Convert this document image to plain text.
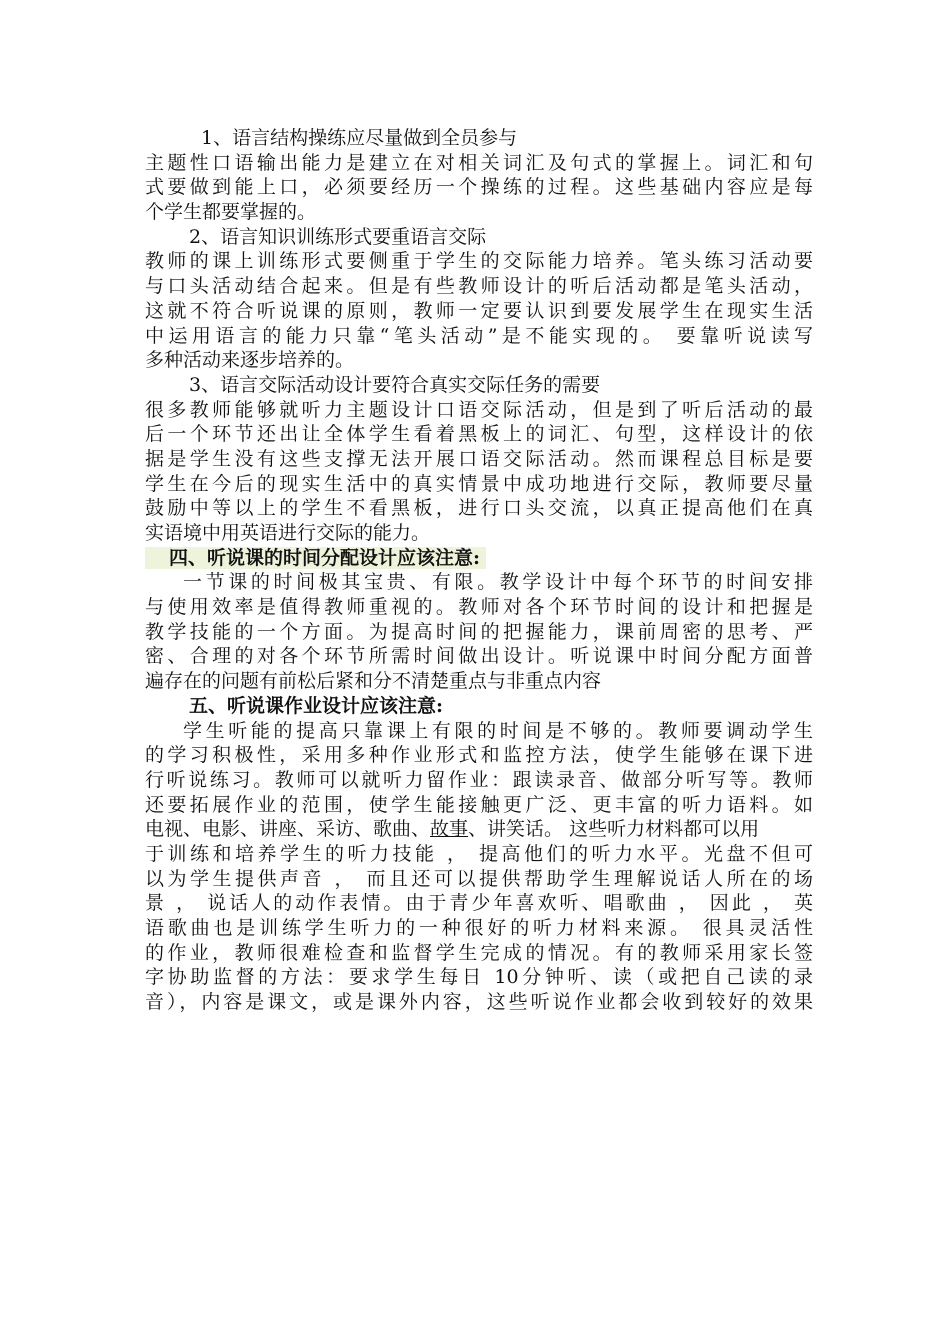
1、语言结构操练应尽量做到全员参与
主题性口语输出能力是建立在对相关词汇及句式的掌握上。词汇和句
式要做到能上口，必须要经历一个操练的过程。这些基础内容应是每
个学生都要掌握的。
2、语言知识训练形式要重语言交际
教师的课上训练形式要侧重于学生的交际能力培养。笔头练习活动要
与口头活动结合起来。但是有些教师设计的听后活动都是笔头活动，
这就不符合听说课的原则，教师一定要认识到要发展学生在现实生活
中运用语言的能力只靠“笔头活动”是不能实现的。 要靠听说读写
多种活动来逐步培养的。
3、语言交际活动设计要符合真实交际任务的需要
很多教师能够就听力主题设计口语交际活动，但是到了听后活动的最
后一个环节还出让全体学生看着黑板上的词汇、句型，这样设计的依
据是学生没有这些支撑无法开展口语交际活动。然而课程总目标是要
学生在今后的现实生活中的真实情景中成功地进行交际，教师要尽量
鼓励中等以上的学生不看黑板，进行口头交流，以真正提高他们在真
实语境中用英语进行交际的能力。
四、听说课的时间分配设计应该注意:
一节课的时间极其宝贵、有限。教学设计中每个环节的时间安排
与使用效率是值得教师重视的。教师对各个环节时间的设计和把握是
教学技能的一个方面。为提高时间的把握能力，课前周密的思考、严
密、合理的对各个环节所需时间做出设计。听说课中时间分配方面普
遍存在的问题有前松后紧和分不清楚重点与非重点内容
五、听说课作业设计应该注意:
学生听能的提高只靠课上有限的时间是不够的。教师要调动学生
的学习积极性，采用多种作业形式和监控方法，使学生能够在课下进
行听说练习。教师可以就听力留作业：跟读录音、做部分听写等。教师
还要拓展作业的范围，使学生能接触更广泛、更丰富的听力语料。如
电视、电影、讲座、采访、歌曲、故事、讲笑话。 这些听力材料都可以用
于训练和培养学生的听力技能 ， 提高他们的听力水平。光盘不但可
以为学生提供声音 ， 而且还可以提供帮助学生理解说话人所在的场
景 ， 说话人的动作表情。由于青少年喜欢听、唱歌曲 ， 因此 ， 英
语歌曲也是训练学生听力的一种很好的听力材料来源。 很具灵活性
的作业，教师很难检查和监督学生完成的情况。有的教师采用家长签
字协助监督的方法：要求学生每日 10分钟听、读（或把自己读的录
音），内容是课文，或是课外内容，这些听说作业都会收到较好的效果
